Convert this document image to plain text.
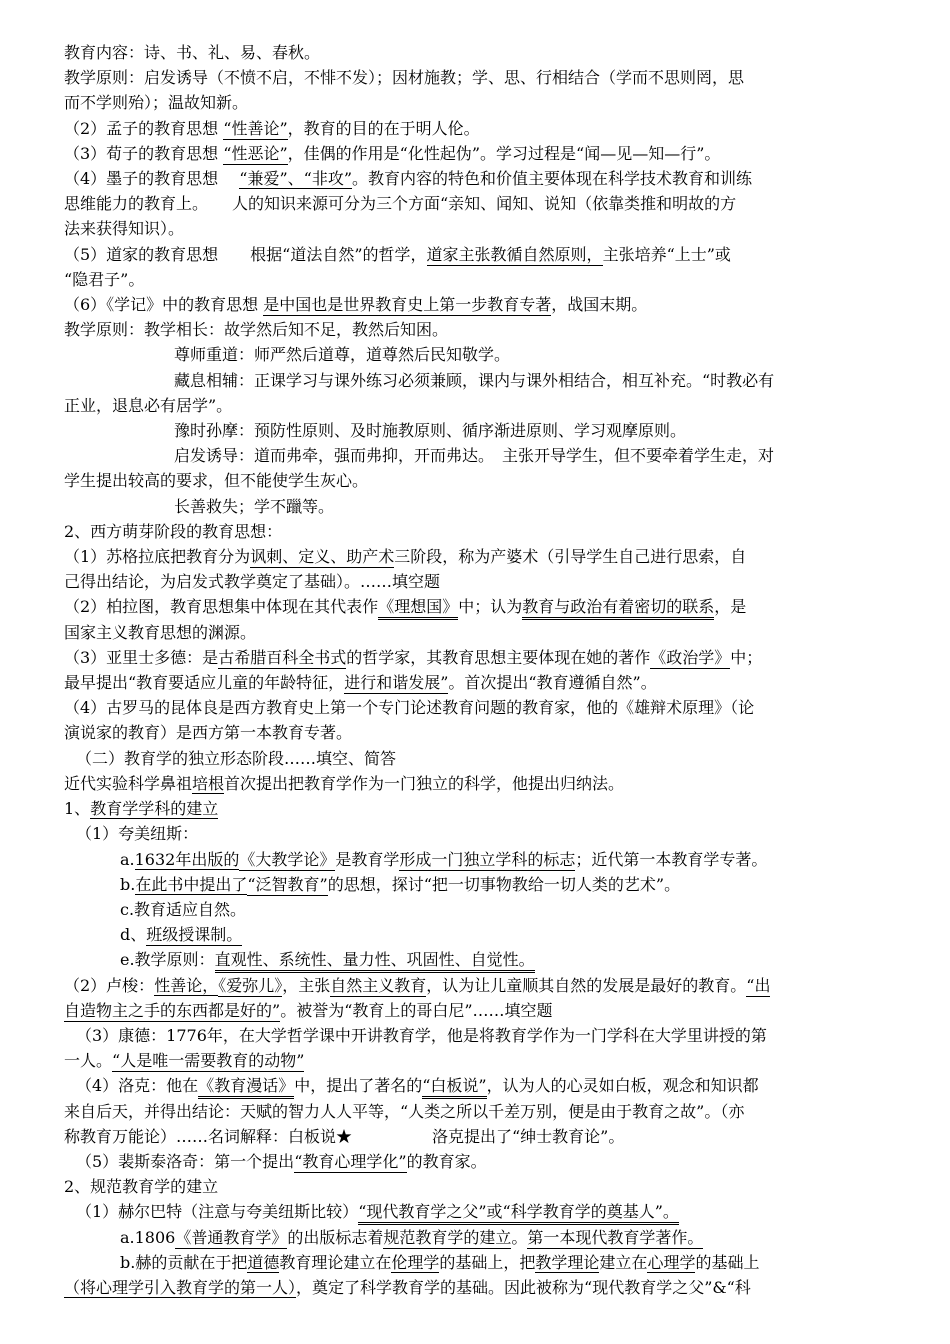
教育内容：诗、书、礼、易、春秋。
教学原则：启发诱导（不愤不启，不悱不发）；因材施教；学、思、行相结合（学而不思则罔，思
而不学则殆）；温故知新。
（2）孟子的教育思想 “性善论”，教育的目的在于明人伦。
（3）荀子的教育思想 “性恶论”，佳偶的作用是“化性起伪”。学习过程是“闻—见—知—行”。
（4）墨子的教育思想　 “兼爱”、“非攻”。教育内容的特色和价值主要体现在科学技术教育和训练
思维能力的教育上。　　人的知识来源可分为三个方面“亲知、闻知、说知（依靠类推和明故的方
法来获得知识）。
（5）道家的教育思想　　根据“道法自然”的哲学，道家主张教循自然原则，主张培养“上士”或
“隐君子”。
（6）《学记》中的教育思想 是中国也是世界教育史上第一步教育专著，战国末期。
教学原则：教学相长：故学然后知不足，教然后知困。
尊师重道：师严然后道尊，道尊然后民知敬学。
藏息相辅：正课学习与课外练习必须兼顾，课内与课外相结合，相互补充。“时教必有
正业，退息必有居学”。
豫时孙摩：预防性原则、及时施教原则、循序渐进原则、学习观摩原则。
启发诱导：道而弗牵，强而弗抑，开而弗达。　主张开导学生，但不要牵着学生走，对
学生提出较高的要求，但不能使学生灰心。
长善救失；学不躐等。
2、西方萌芽阶段的教育思想：
（1）苏格拉底把教育分为讽刺、定义、助产术三阶段，称为产婆术（引导学生自己进行思索，自
己得出结论，为启发式教学奠定了基础）。……填空题
（2）柏拉图，教育思想集中体现在其代表作《理想国》中；认为教育与政治有着密切的联系，是
国家主义教育思想的渊源。
（3）亚里士多德：是古希腊百科全书式的哲学家，其教育思想主要体现在她的著作《政治学》中；
最早提出“教育要适应儿童的年龄特征，进行和谐发展”。首次提出“教育遵循自然”。
（4）古罗马的昆体良是西方教育史上第一个专门论述教育问题的教育家，他的《雄辩术原理》（论
演说家的教育）是西方第一本教育专著。
（二）教育学的独立形态阶段……填空、简答
近代实验科学鼻祖培根首次提出把教育学作为一门独立的科学，他提出归纳法。
1、教育学学科的建立
（1）夸美纽斯：
a.1632年出版的《大教学论》是教育学形成一门独立学科的标志；近代第一本教育学专著。
b.在此书中提出了“泛智教育”的思想，探讨“把一切事物教给一切人类的艺术”。
c.教育适应自然。
d、班级授课制。
e.教学原则：直观性、系统性、量力性、巩固性、自觉性。
（2）卢梭：性善论，《爱弥儿》，主张自然主义教育，认为让儿童顺其自然的发展是最好的教育。“出
自造物主之手的东西都是好的”。被誉为“教育上的哥白尼”……填空题
（3）康德：1776年，在大学哲学课中开讲教育学，他是将教育学作为一门学科在大学里讲授的第
一人。“人是唯一需要教育的动物”
（4）洛克：他在《教育漫话》中，提出了著名的“白板说”，认为人的心灵如白板，观念和知识都
来自后天，并得出结论：天赋的智力人人平等，“人类之所以千差万别，便是由于教育之故”。（亦
称教育万能论）……名词解释：白板说★　　　　　洛克提出了“绅士教育论”。
（5）裴斯泰洛奇：第一个提出“教育心理学化”的教育家。
2、规范教育学的建立
（1）赫尔巴特（注意与夸美纽斯比较）“现代教育学之父”或“科学教育学的奠基人”。
a.1806《普通教育学》的出版标志着规范教育学的建立。第一本现代教育学著作。
b.赫的贡献在于把道德教育理论建立在伦理学的基础上，把教学理论建立在心理学的基础上
（将心理学引入教育学的第一人），奠定了科学教育学的基础。因此被称为“现代教育学之父”&“科
